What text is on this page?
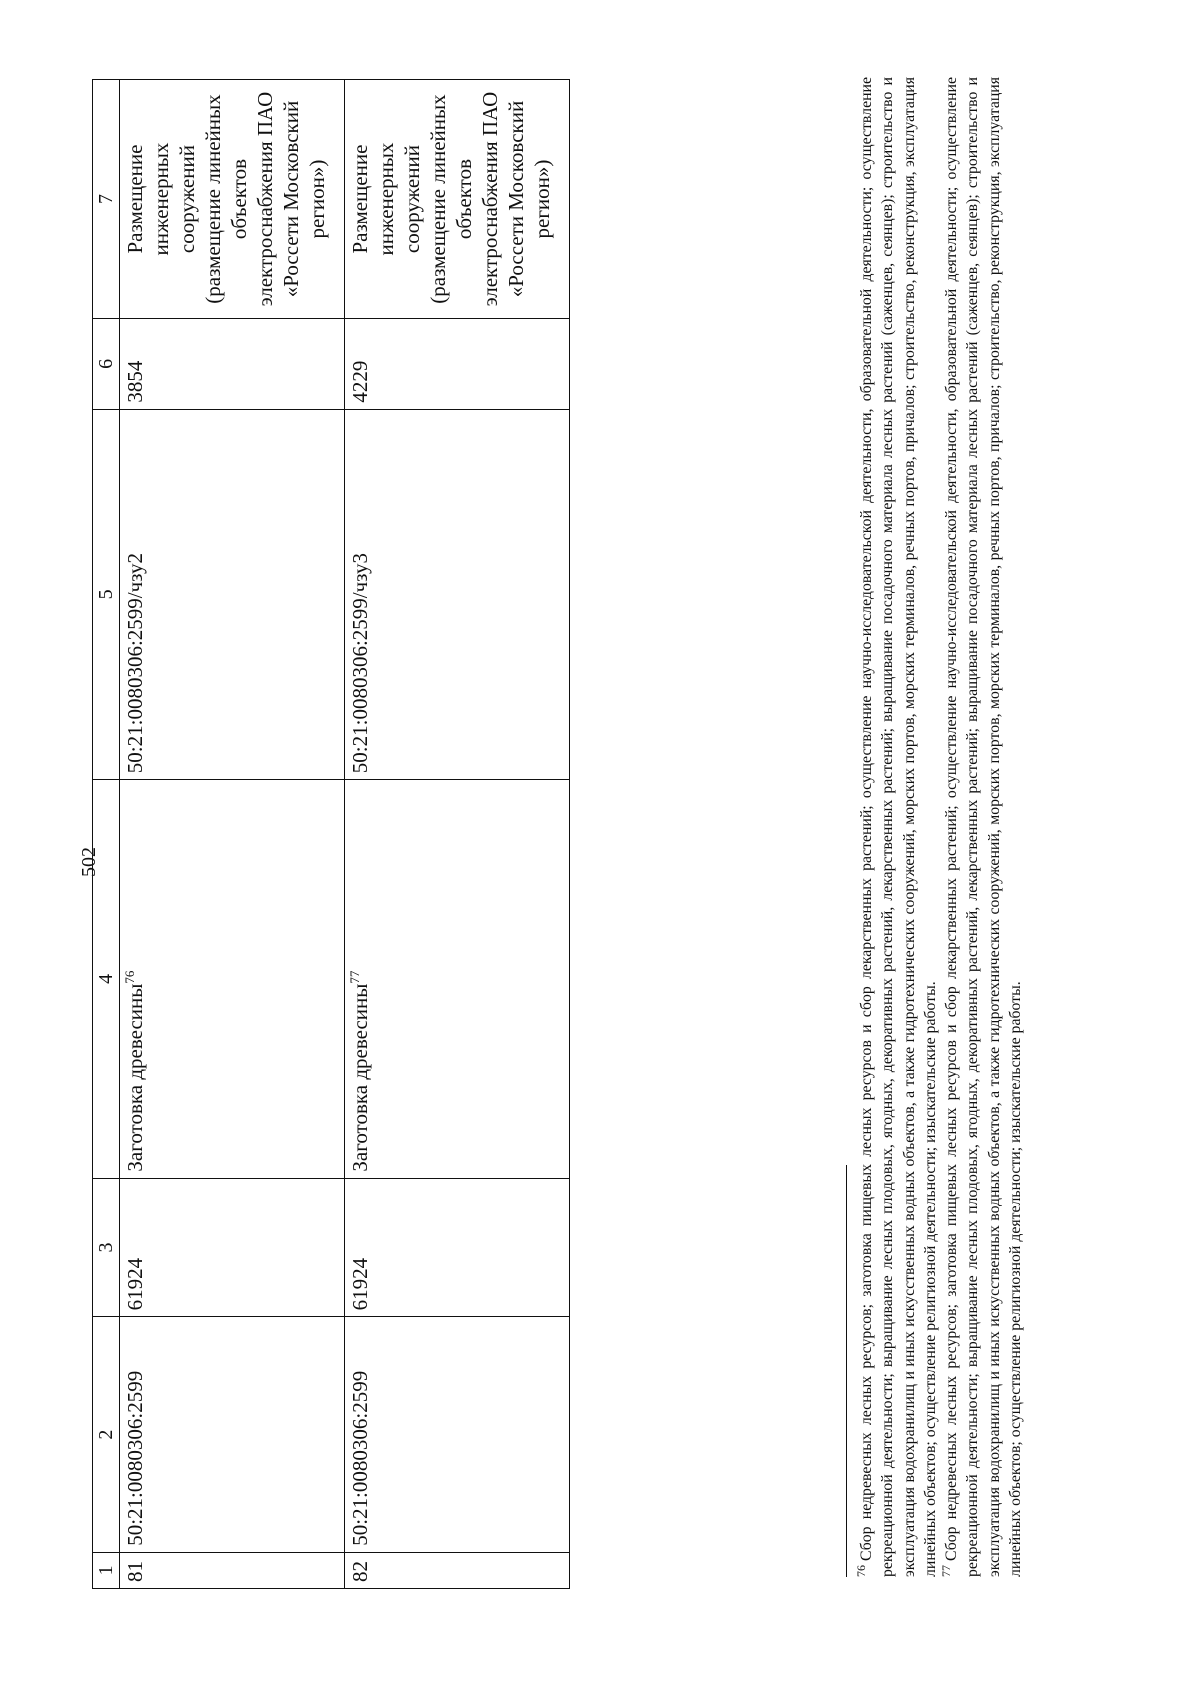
502
1	2	3	4	5	6	7
81	50:21:0080306:2599	61924	Заготовка древесины$^{76}$	50:21:0080306:2599/чзу2	3854	Размещение инженерных сооружений (размещение линейных объектов электроснабжения ПАО «Россети Московский регион»)
82	50:21:0080306:2599	61924	Заготовка древесины$^{77}$	50:21:0080306:2599/чзу3	4229	Размещение инженерных сооружений (размещение линейных объектов электроснабжения ПАО «Россети Московский регион»)

$^{76}$Сбор недревесных лесных ресурсов; заготовка пищевых лесных ресурсов и сбор лекарственных растений; осуществление научно-исследовательской деятельности, образовательной деятельности; осуществление рекреационной деятельности; выращивание лесных плодовых, ягодных, декоративных растений, лекарственных растений; выращивание посадочного материала лесных растений (саженцев, сеянцев); строительство и эксплуатация водохранилищ и иных искусственных водных объектов, а также гидротехнических сооружений, морских портов, морских терминалов, речных портов, причалов; строительство, реконструкция, эксплуатация линейных объектов; осуществление религиозной деятельности; изыскательские работы. $^{77}$Сбор недревесных лесных ресурсов; заготовка пищевых лесных ресурсов и сбор лекарственных растений; осуществление научно-исследовательской деятельности, образовательной деятельности; осуществление рекреационной деятельности; выращивание лесных плодовых, ягодных, декоративных растений, лекарственных растений; выращивание посадочного материала лесных растений (саженцев, сеянцев); строительство и эксплуатация водохранилищ и иных искусственных водных объектов, а также гидротехнических сооружений, морских портов, морских терминалов, речных портов, причалов; строительство, реконструкция, эксплуатация линейных объектов; осуществление религиозной деятельности; изыскательские работы.
